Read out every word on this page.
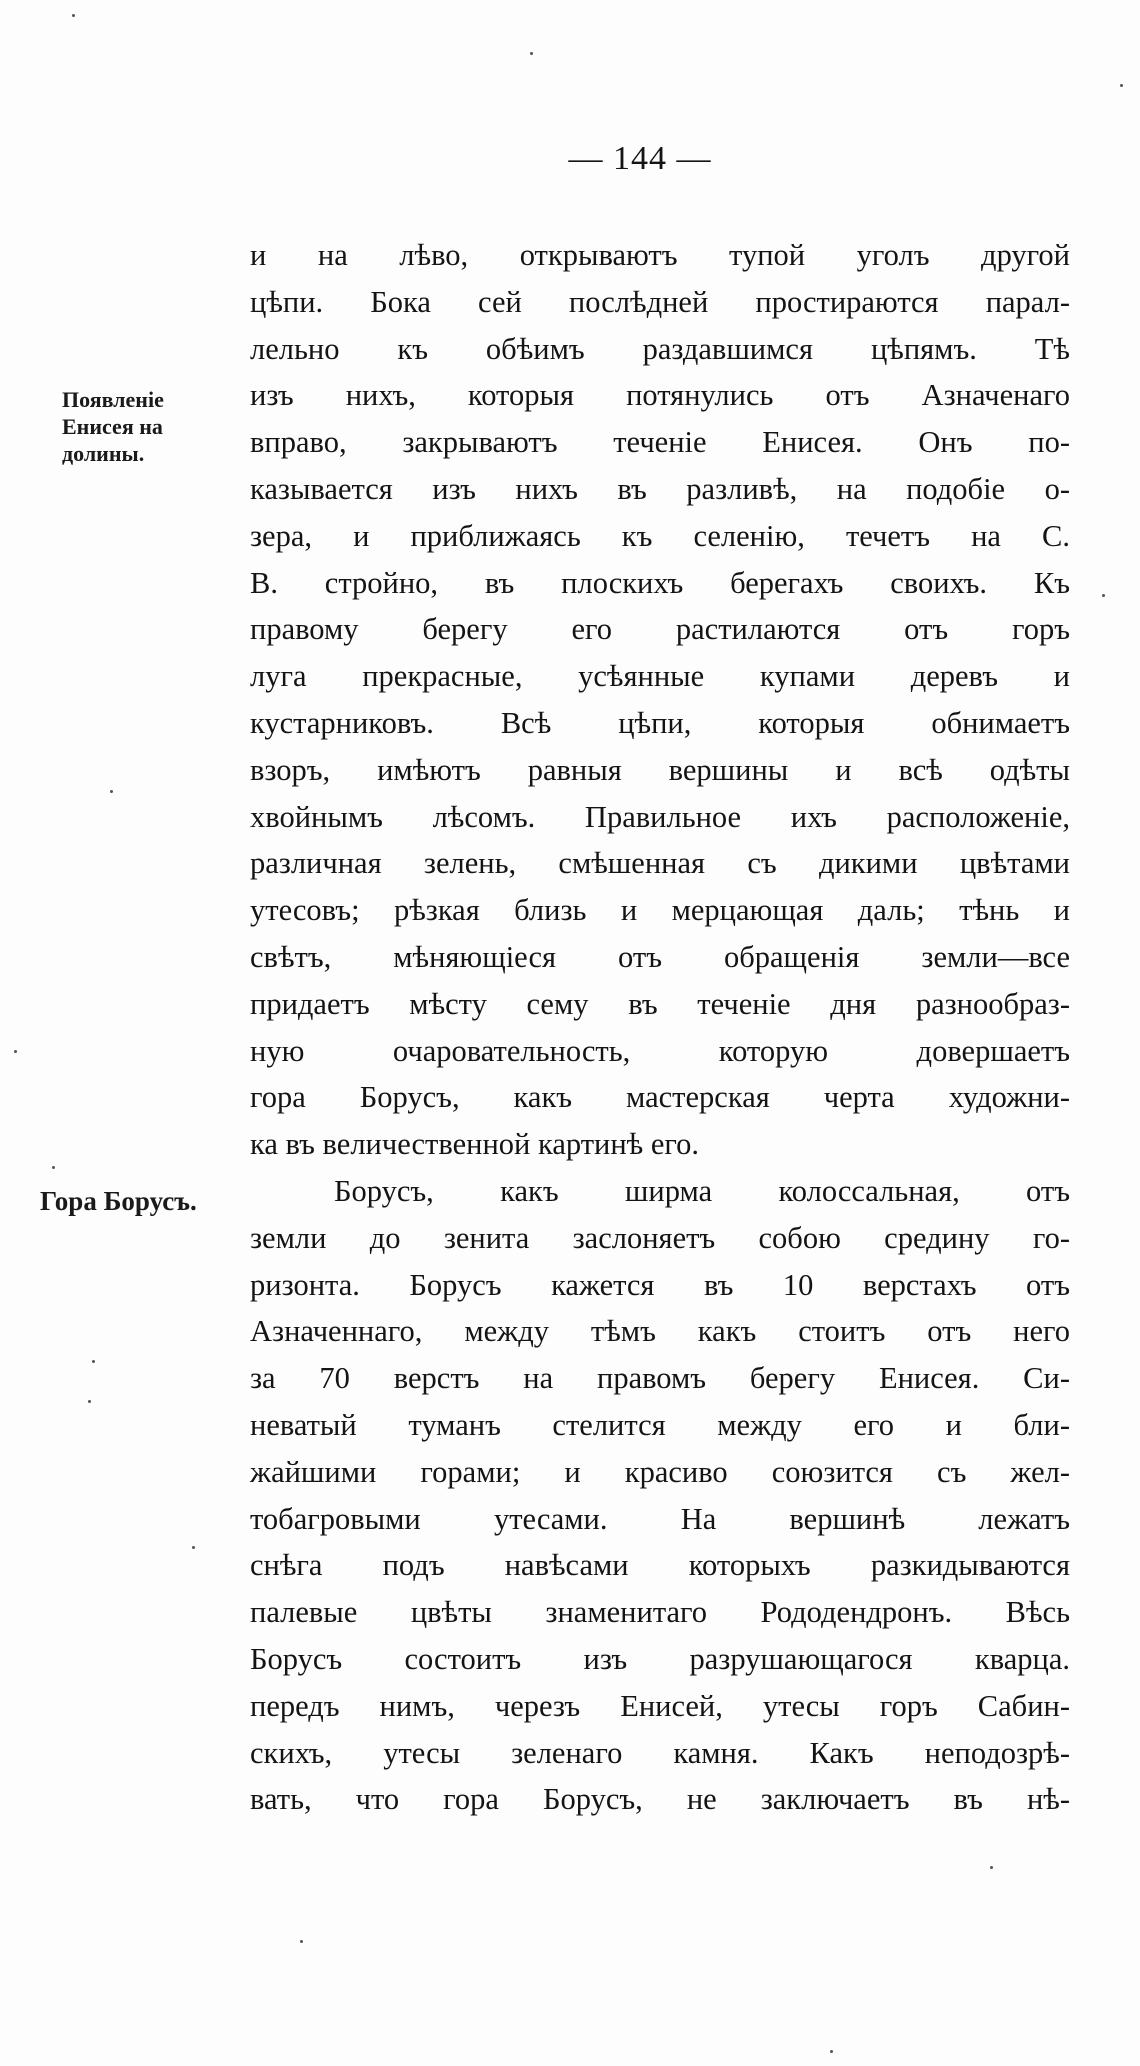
— 144 —
Появленіе Енисея на долины.
Гора Борусъ.
и на лѣво, открываютъ тупой уголъ другой
цѣпи. Бока сей послѣдней простираются парал-
лельно къ обѣимъ раздавшимся цѣпямъ. Тѣ
изъ нихъ, которыя потянулись отъ Азначенаго
вправо, закрываютъ теченіе Енисея. Онъ по-
казывается изъ нихъ въ разливѣ, на подобіе о-
зера, и приближаясь къ селенію, течетъ на С.
В. стройно, въ плоскихъ берегахъ своихъ. Къ
правому берегу его растилаются отъ горъ
луга прекрасные, усѣянные купами деревъ и
кустарниковъ. Всѣ цѣпи, которыя обнимаетъ
взоръ, имѣютъ равныя вершины и всѣ одѣты
хвойнымъ лѣсомъ. Правильное ихъ расположеніе,
различная зелень, смѣшенная съ дикими цвѣтами
утесовъ; рѣзкая близь и мерцающая даль; тѣнь и
свѣтъ, мѣняющіеся отъ обращенія земли—все
придаетъ мѣсту сему въ теченіе дня разнообраз-
ную очаровательность, которую довершаетъ
гора Борусъ, какъ мастерская черта художни-
ка въ величественной картинѣ его.
Борусъ, какъ ширма колоссальная, отъ
земли до зенита заслоняетъ собою средину го-
ризонта. Борусъ кажется въ 10 верстахъ отъ
Азначеннаго, между тѣмъ какъ стоитъ отъ него
за 70 верстъ на правомъ берегу Енисея. Си-
неватый туманъ стелится между его и бли-
жайшими горами; и красиво союзится съ жел-
тобагровыми утесами. На вершинѣ лежатъ
снѣга подъ навѣсами которыхъ разкидываются
палевые цвѣты знаменитаго Рододендронъ. Вѣсь
Борусъ состоитъ изъ разрушающагося кварца.
передъ нимъ, черезъ Енисей, утесы горъ Сабин-
скихъ, утесы зеленаго камня. Какъ неподозрѣ-
вать, что гора Борусъ, не заключаетъ въ нѣ-
